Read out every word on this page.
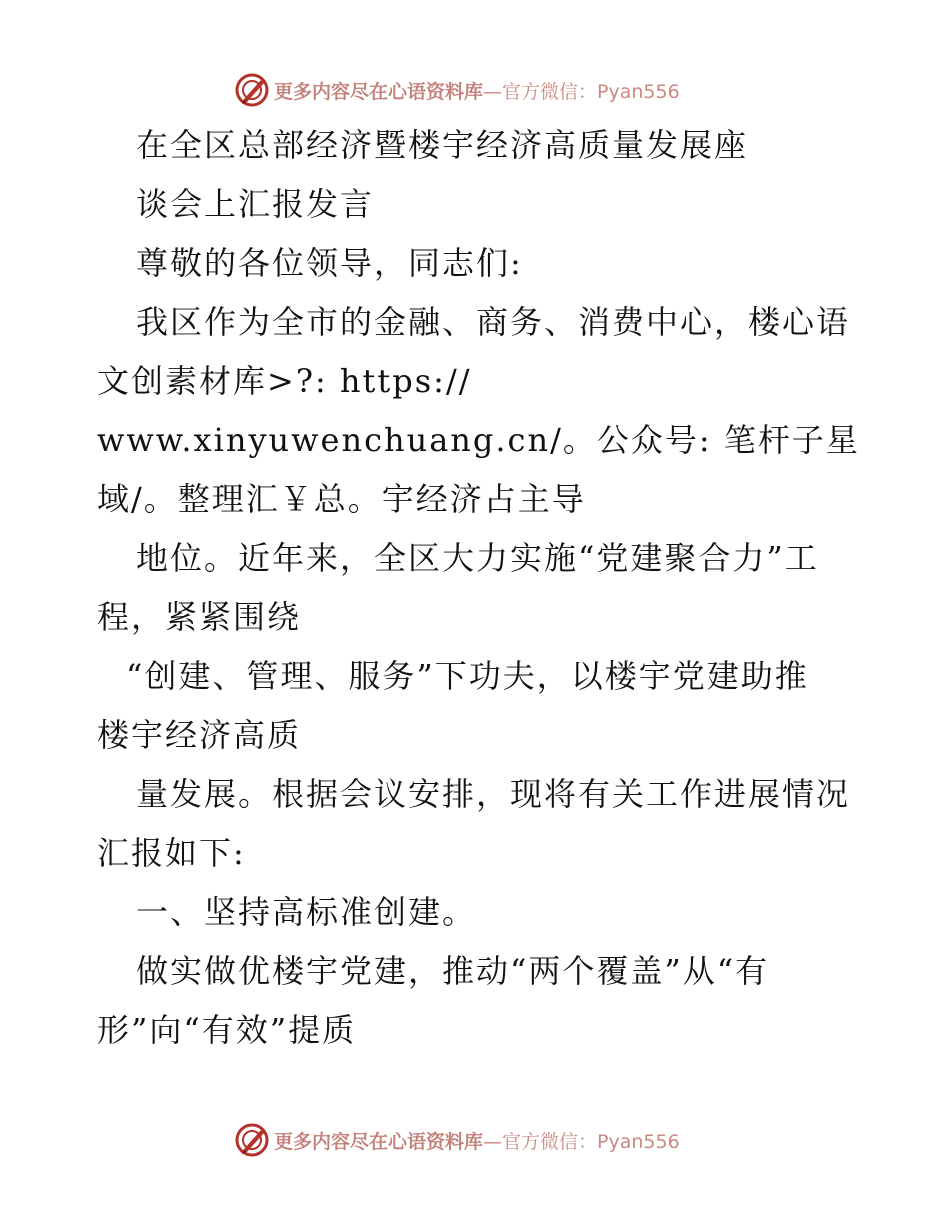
更多内容尽在心语资料库—官方微信：Pyan556
在全区总部经济暨楼宇经济高质量发展座
谈会上汇报发言
尊敬的各位领导，同志们:
我区作为全市的金融、商务、消费中心，楼心语
文创素材库>?: https://
www.xinyuwenchuang.cn/。公众号: 笔杆子星
域/。整理汇￥总。宇经济占主导
地位。近年来，全区大力实施“党建聚合力”工
程，紧紧围绕
“创建、管理、服务”下功夫，以楼宇党建助推
楼宇经济高质
量发展。根据会议安排，现将有关工作进展情况
汇报如下:
一、坚持高标准创建。
做实做优楼宇党建，推动“两个覆盖”从“有
形”向“有效”提质
更多内容尽在心语资料库—官方微信：Pyan556
